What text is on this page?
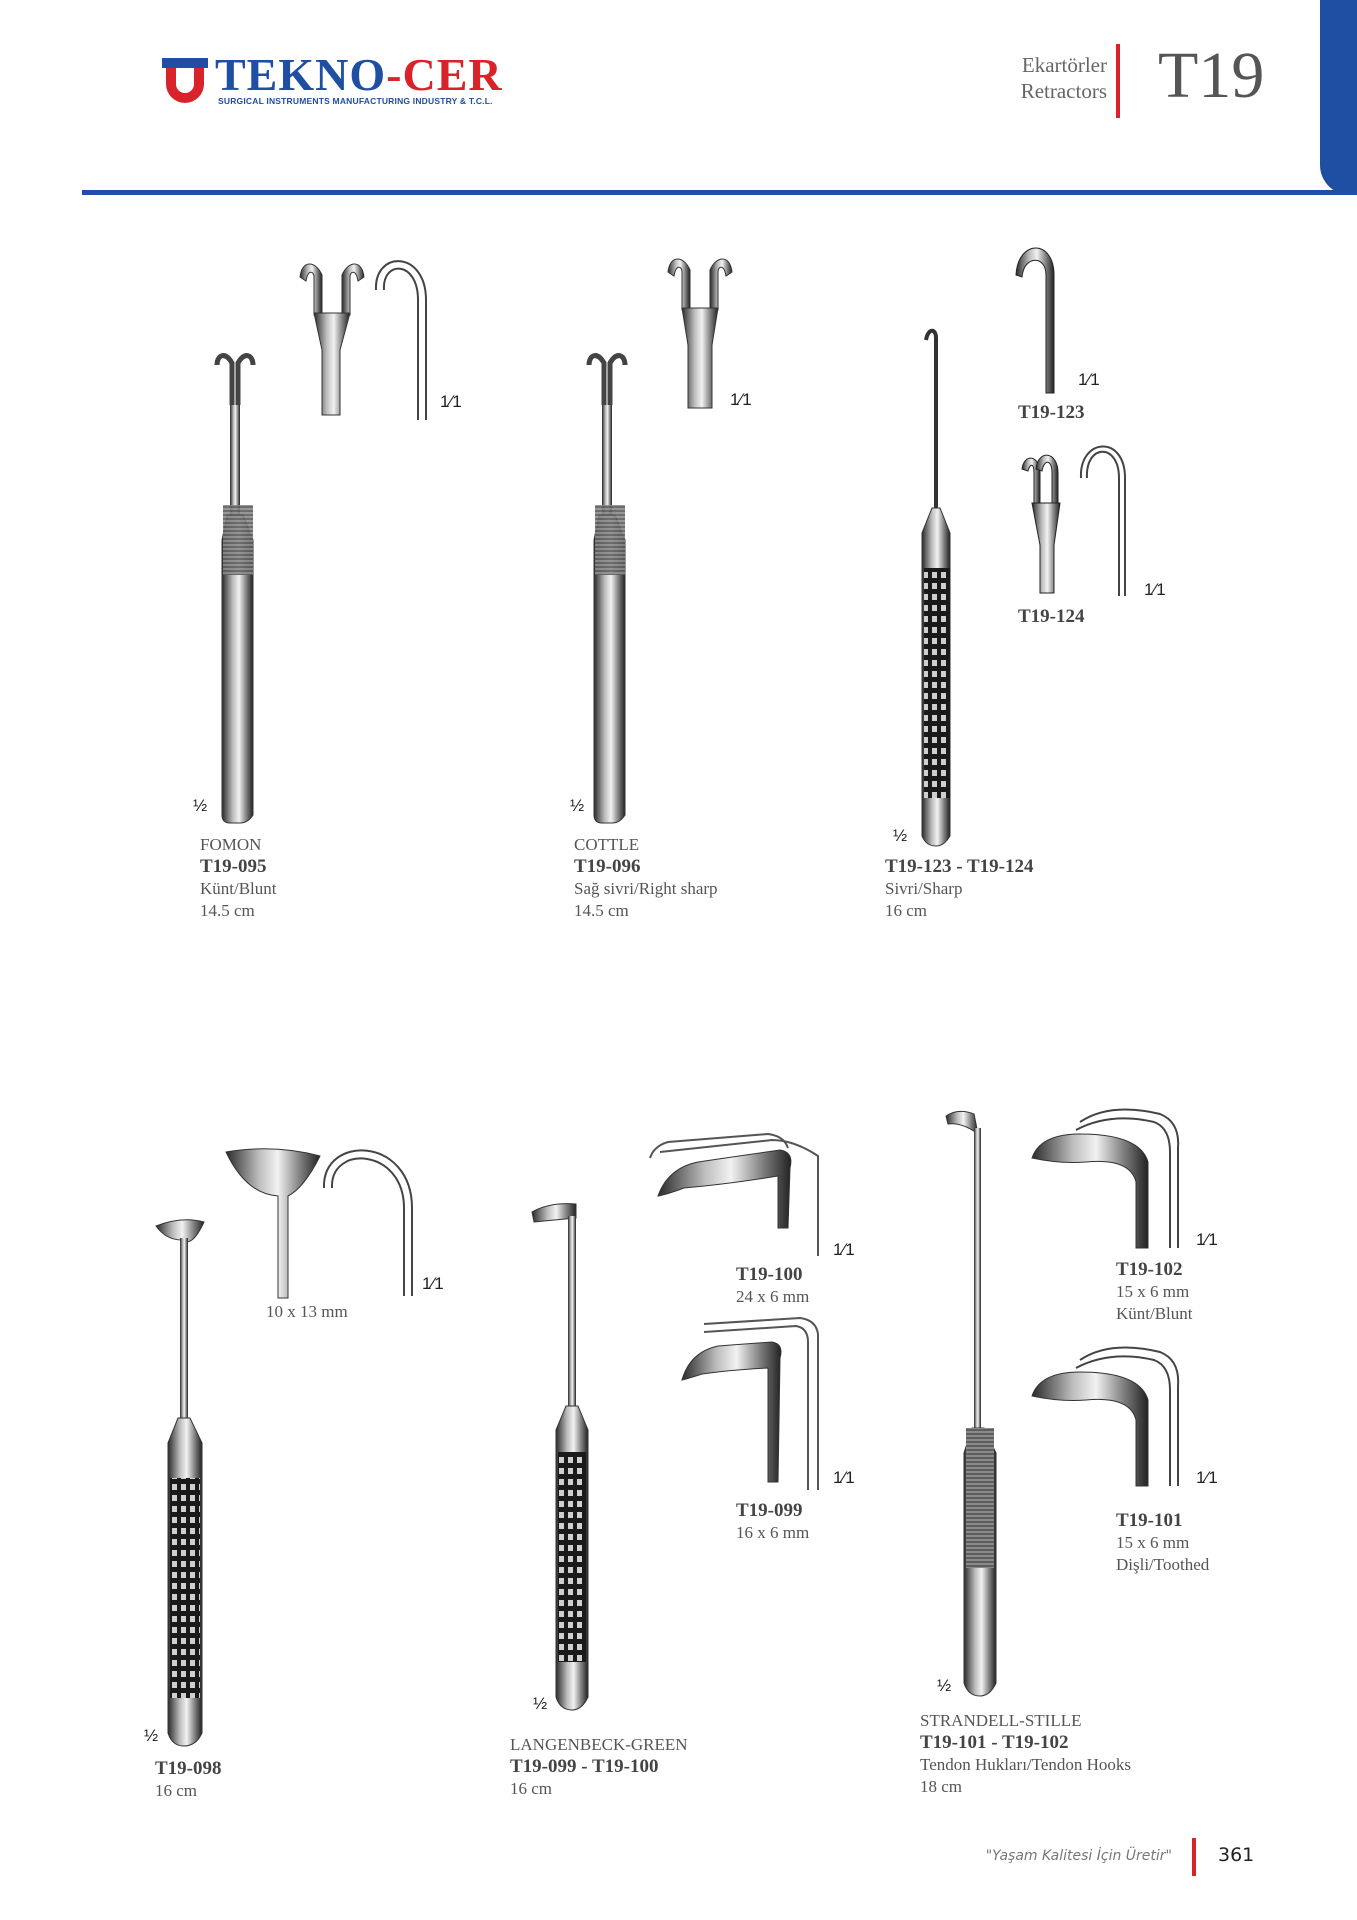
TEKNO-CER
SURGICAL INSTRUMENTS MANUFACTURING INDUSTRY & T.C.L.
Ekartörler
Retractors T19
1⁄1
½
FOMON
T19-095
Künt/Blunt
14.5 cm
1⁄1
½
COTTLE
T19-096
Sağ sivri/Right sharp
14.5 cm
1⁄1
T19-123
1⁄1
T19-124
½
T19-123 - T19-124
Sivri/Sharp
16 cm
1⁄1
10 x 13 mm
½
T19-098
16 cm
1⁄1
T19-100
24 x 6 mm
1⁄1
T19-099
16 x 6 mm
½
LANGENBECK-GREEN
T19-099 - T19-100
16 cm
1⁄1
T19-102
15 x 6 mm
Künt/Blunt
1⁄1
T19-101
15 x 6 mm
Dişli/Toothed
½
STRANDELL-STILLE
T19-101 - T19-102
Tendon Hukları/Tendon Hooks
18 cm
"Yaşam Kalitesi İçin Üretir" 361
